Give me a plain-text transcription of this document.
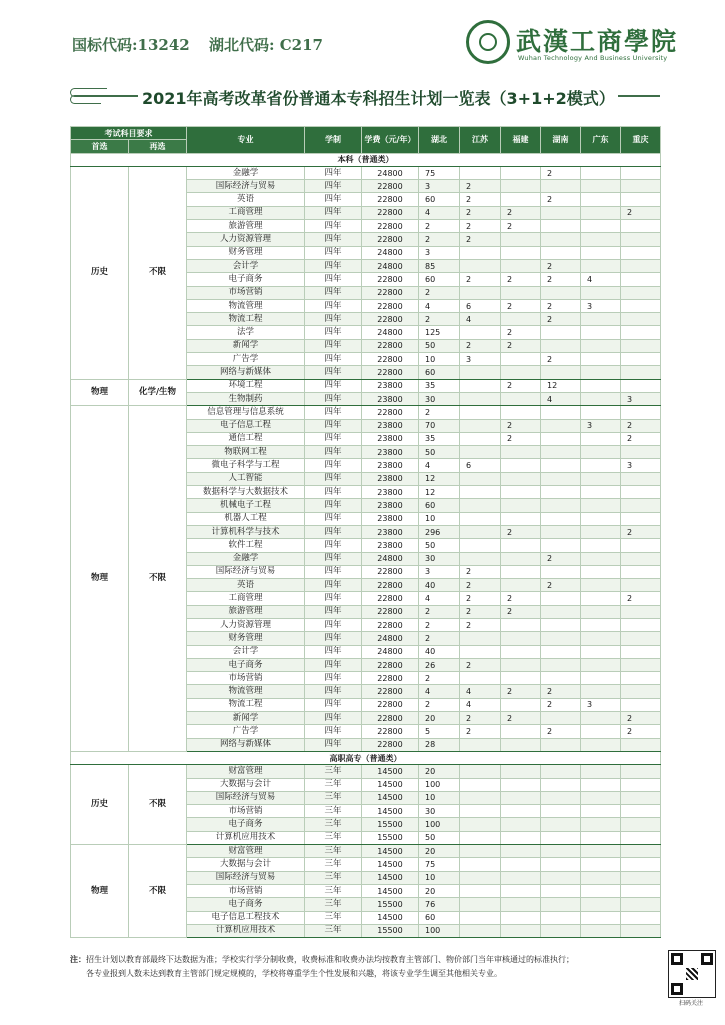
国标代码:13242 湖北代码: C217	武漢工商學院
Wuhan Technology And Business University
2021年高考改革省份普通本专科招生计划一览表（3+1+2模式）
考试科目要求		专业	学制	学费（元/年）	湖北	江苏	福建	湖南	广东	重庆
首选	再选									
本科（普通类）										
历史	不限	金融学	四年	24800	75			2		
		国际经济与贸易	四年	22800	3	2				
		英语	四年	22800	60	2		2		
		工商管理	四年	22800	4	2	2			2
		旅游管理	四年	22800	2	2	2			
		人力资源管理	四年	22800	2	2				
		财务管理	四年	24800	3					
		会计学	四年	24800	85			2		
		电子商务	四年	22800	60	2	2	2	4	
		市场营销	四年	22800	2					
		物流管理	四年	22800	4	6	2	2	3	
		物流工程	四年	22800	2	4		2		
		法学	四年	24800	125		2			
		新闻学	四年	22800	50	2	2			
		广告学	四年	22800	10	3		2		
		网络与新媒体	四年	22800	60					
物理	化学/生物	环境工程	四年	23800	35		2	12		
		生物制药	四年	23800	30			4		3
物理	不限	信息管理与信息系统	四年	22800	2					
		电子信息工程	四年	23800	70		2		3	2
		通信工程	四年	23800	35		2			2
		物联网工程	四年	23800	50					
		微电子科学与工程	四年	23800	4	6				3
		人工智能	四年	23800	12					
		数据科学与大数据技术	四年	23800	12					
		机械电子工程	四年	23800	60					
		机器人工程	四年	23800	10					
		计算机科学与技术	四年	23800	296		2			2
		软件工程	四年	23800	50					
		金融学	四年	24800	30			2		
		国际经济与贸易	四年	22800	3	2				
		英语	四年	22800	40	2		2		
		工商管理	四年	22800	4	2	2			2
		旅游管理	四年	22800	2	2	2			
		人力资源管理	四年	22800	2	2				
		财务管理	四年	24800	2					
		会计学	四年	24800	40					
		电子商务	四年	22800	26	2				
		市场营销	四年	22800	2					
		物流管理	四年	22800	4	4	2	2		
		物流工程	四年	22800	2	4		2	3	
		新闻学	四年	22800	20	2	2			2
		广告学	四年	22800	5	2		2		2
		网络与新媒体	四年	22800	28					
高职高专（普通类）										
历史	不限	财富管理	三年	14500	20					
		大数据与会计	三年	14500	100					
		国际经济与贸易	三年	14500	10					
		市场营销	三年	14500	30					
		电子商务	三年	15500	100					
		计算机应用技术	三年	15500	50					
物理	不限	财富管理	三年	14500	20					
		大数据与会计	三年	14500	75					
		国际经济与贸易	三年	14500	10					
		市场营销	三年	14500	20					
		电子商务	三年	15500	76					
		电子信息工程技术	三年	14500	60					
		计算机应用技术	三年	15500	100					
注：招生计划以教育部最终下达数据为准；学校实行学分制收费，收费标准和收费办法均按教育主管部门、物价部门当年审核通过的标准执行；
各专业报到人数未达到教育主管部门规定规模的，学校将尊重学生个性发展和兴趣，将该专业学生调至其他相关专业。
扫码关注
